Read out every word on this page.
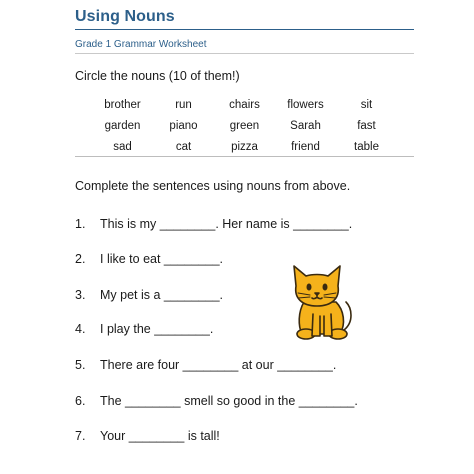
Using Nouns
Grade 1 Grammar Worksheet
Circle the nouns (10 of them!)
brother	run	chairs	flowers	sit
garden	piano	green	Sarah	fast
sad	cat	pizza	friend	table
Complete the sentences using nouns from above.
1. This is my ________. Her name is ________.
2. I like to eat ________.
3. My pet is a ________.
4. I play the ________.
5. There are four ________ at our ________.
6. The ________ smell so good in the ________.
7. Your ________ is tall!
